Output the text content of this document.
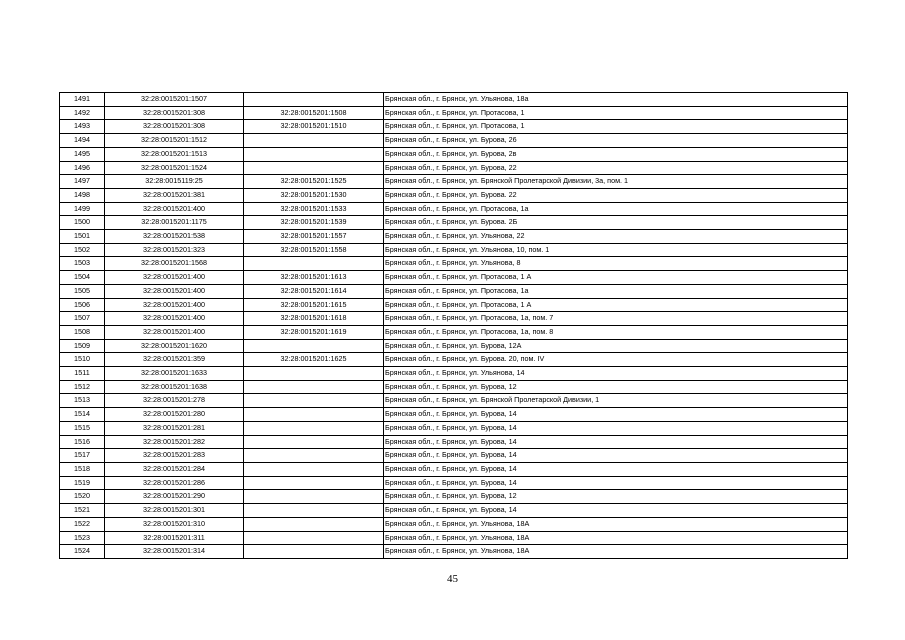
1491	32:28:0015201:1507		Брянская обл., г. Брянск, ул. Ульянова, 18а
1492	32:28:0015201:308	32:28:0015201:1508	Брянская обл., г. Брянск, ул. Протасова, 1
1493	32:28:0015201:308	32:28:0015201:1510	Брянская обл., г. Брянск, ул. Протасова, 1
1494	32:28:0015201:1512		Брянская обл., г. Брянск, ул. Бурова, 26
1495	32:28:0015201:1513		Брянская обл., г. Брянск, ул. Бурова, 2в
1496	32:28:0015201:1524		Брянская обл., г. Брянск, ул. Бурова, 22
1497	32:28:0015119:25	32:28:0015201:1525	Брянская обл., г. Брянск, ул. Брянской Пролетарской Дивизии, 3а, пом. 1
1498	32:28:0015201:381	32:28:0015201:1530	Брянская обл., г. Брянск, ул. Бурова. 22
1499	32:28:0015201:400	32:28:0015201:1533	Брянская обл., г. Брянск, ул. Протасова, 1а
1500	32:28:0015201:1175	32:28:0015201:1539	Брянская обл., г. Брянск, ул. Бурова. 2Б
1501	32:28:0015201:538	32:28:0015201:1557	Брянская обл., г. Брянск, ул. Ульянова, 22
1502	32:28:0015201:323	32:28:0015201:1558	Брянская обл., г. Брянск, ул. Ульянова, 10, пом. 1
1503	32:28:0015201:1568		Брянская обл., г. Брянск, ул. Ульянова, 8
1504	32:28:0015201:400	32:28:0015201:1613	Брянская обл., г. Брянск, ул. Протасова, 1 А
1505	32:28:0015201:400	32:28:0015201:1614	Брянская обл., г. Брянск, ул. Протасова, 1а
1506	32:28:0015201:400	32:28:0015201:1615	Брянская обл., г. Брянск, ул. Протасова, 1 А
1507	32:28:0015201:400	32:28:0015201:1618	Брянская обл., г. Брянск, ул. Протасова, 1а, пом. 7
1508	32:28:0015201:400	32:28:0015201:1619	Брянская обл., г. Брянск, ул. Протасова, 1а, пом. 8
1509	32:28:0015201:1620		Брянская обл., г. Брянск, ул. Бурова, 12А
1510	32:28:0015201:359	32:28:0015201:1625	Брянская обл., г. Брянск, ул. Бурова. 20, пом. IV
1511	32:28:0015201:1633		Брянская обл., г. Брянск, ул. Ульянова, 14
1512	32:28:0015201:1638		Брянская обл., г. Брянск, ул. Бурова, 12
1513	32:28:0015201:278		Брянская обл., г. Брянск, ул. Брянской Пролетарской Дивизии, 1
1514	32:28:0015201:280		Брянская обл., г. Брянск, ул. Бурова, 14
1515	32:28:0015201:281		Брянская обл., г. Брянск, ул. Бурова, 14
1516	32:28:0015201:282		Брянская обл., г. Брянск, ул. Бурова, 14
1517	32:28:0015201:283		Брянская обл., г. Брянск, ул. Бурова, 14
1518	32:28:0015201:284		Брянская обл., г. Брянск, ул. Бурова, 14
1519	32:28:0015201:286		Брянская обл., г. Брянск, ул. Бурова, 14
1520	32:28:0015201:290		Брянская обл., г. Брянск, ул. Бурова, 12
1521	32:28:0015201:301		Брянская обл., г. Брянск, ул. Бурова, 14
1522	32:28:0015201:310		Брянская обл., г. Брянск, ул. Ульянова, 18А
1523	32:28:0015201:311		Брянская обл., г. Брянск, ул. Ульянова, 18А
1524	32:28:0015201:314		Брянская обл., г. Брянск, ул. Ульянова, 18А
45
